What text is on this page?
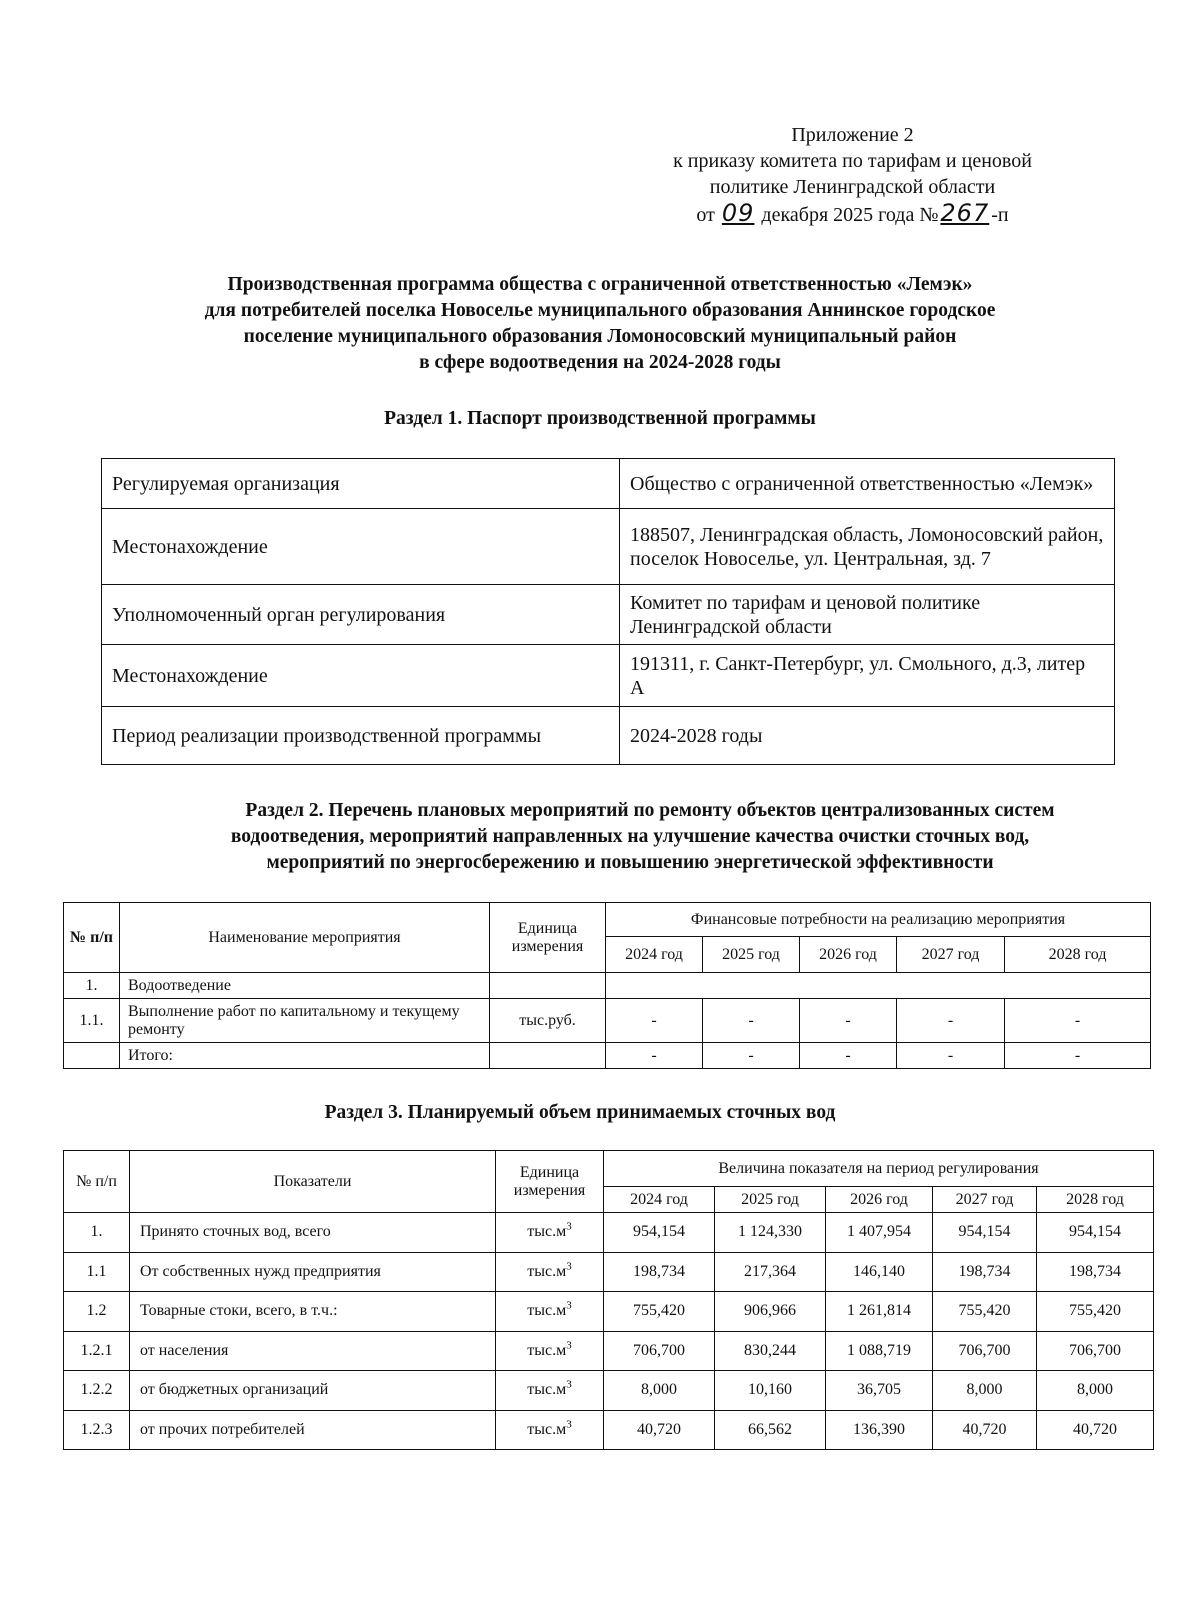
Приложение 2
к приказу комитета по тарифам и ценовой
политике Ленинградской области
от 09 декабря 2025 года №267 -п
Производственная программа общества с ограниченной ответственностью «Лемэк»
для потребителей поселка Новоселье муниципального образования Аннинское городское
поселение муниципального образования Ломоносовский муниципальный район
в сфере водоотведения на 2024-2028 годы
Раздел 1. Паспорт производственной программы
Регулируемая организация	Общество с ограниченной ответственностью «Лемэк»
Местонахождение	188507, Ленинградская область, Ломоносовский район, поселок Новоселье, ул. Центральная, зд. 7
Уполномоченный орган регулирования	Комитет по тарифам и ценовой политике Ленинградской области
Местонахождение	191311, г. Санкт-Петербург, ул. Смольного, д.3, литер А
Период реализации производственной программы	2024-2028 годы
Раздел 2. Перечень плановых мероприятий по ремонту объектов централизованных систем
водоотведения, мероприятий направленных на улучшение качества очистки сточных вод,
мероприятий по энергосбережению и повышению энергетической эффективности
№ п/п	Наименование мероприятия	Единица измерения	Финансовые потребности на реализацию мероприятия				
			2024 год	2025 год	2026 год	2027 год	2028 год
1.	Водоотведение						
1.1.	Выполнение работ по капитальному и текущему ремонту	тыс.руб.	-	-	-	-	-
	Итого:		-	-	-	-	-
Раздел 3. Планируемый объем принимаемых сточных вод
№ п/п	Показатели	Единица измерения	Величина показателя на период регулирования				
			2024 год	2025 год	2026 год	2027 год	2028 год
1.	Принято сточных вод, всего	$тыс.м^3$	954,154	1 124,330	1 407,954	954,154	954,154
1.1	От собственных нужд предприятия	$тыс.м^3$	198,734	217,364	146,140	198,734	198,734
1.2	Товарные стоки, всего, в т.ч.:	$тыс.м^3$	755,420	906,966	1 261,814	755,420	755,420
1.2.1	от населения	$тыс.м^3$	706,700	830,244	1 088,719	706,700	706,700
1.2.2	от бюджетных организаций	$тыс.м^3$	8,000	10,160	36,705	8,000	8,000
1.2.3	от прочих потребителей	$тыс.м^3$	40,720	66,562	136,390	40,720	40,720
